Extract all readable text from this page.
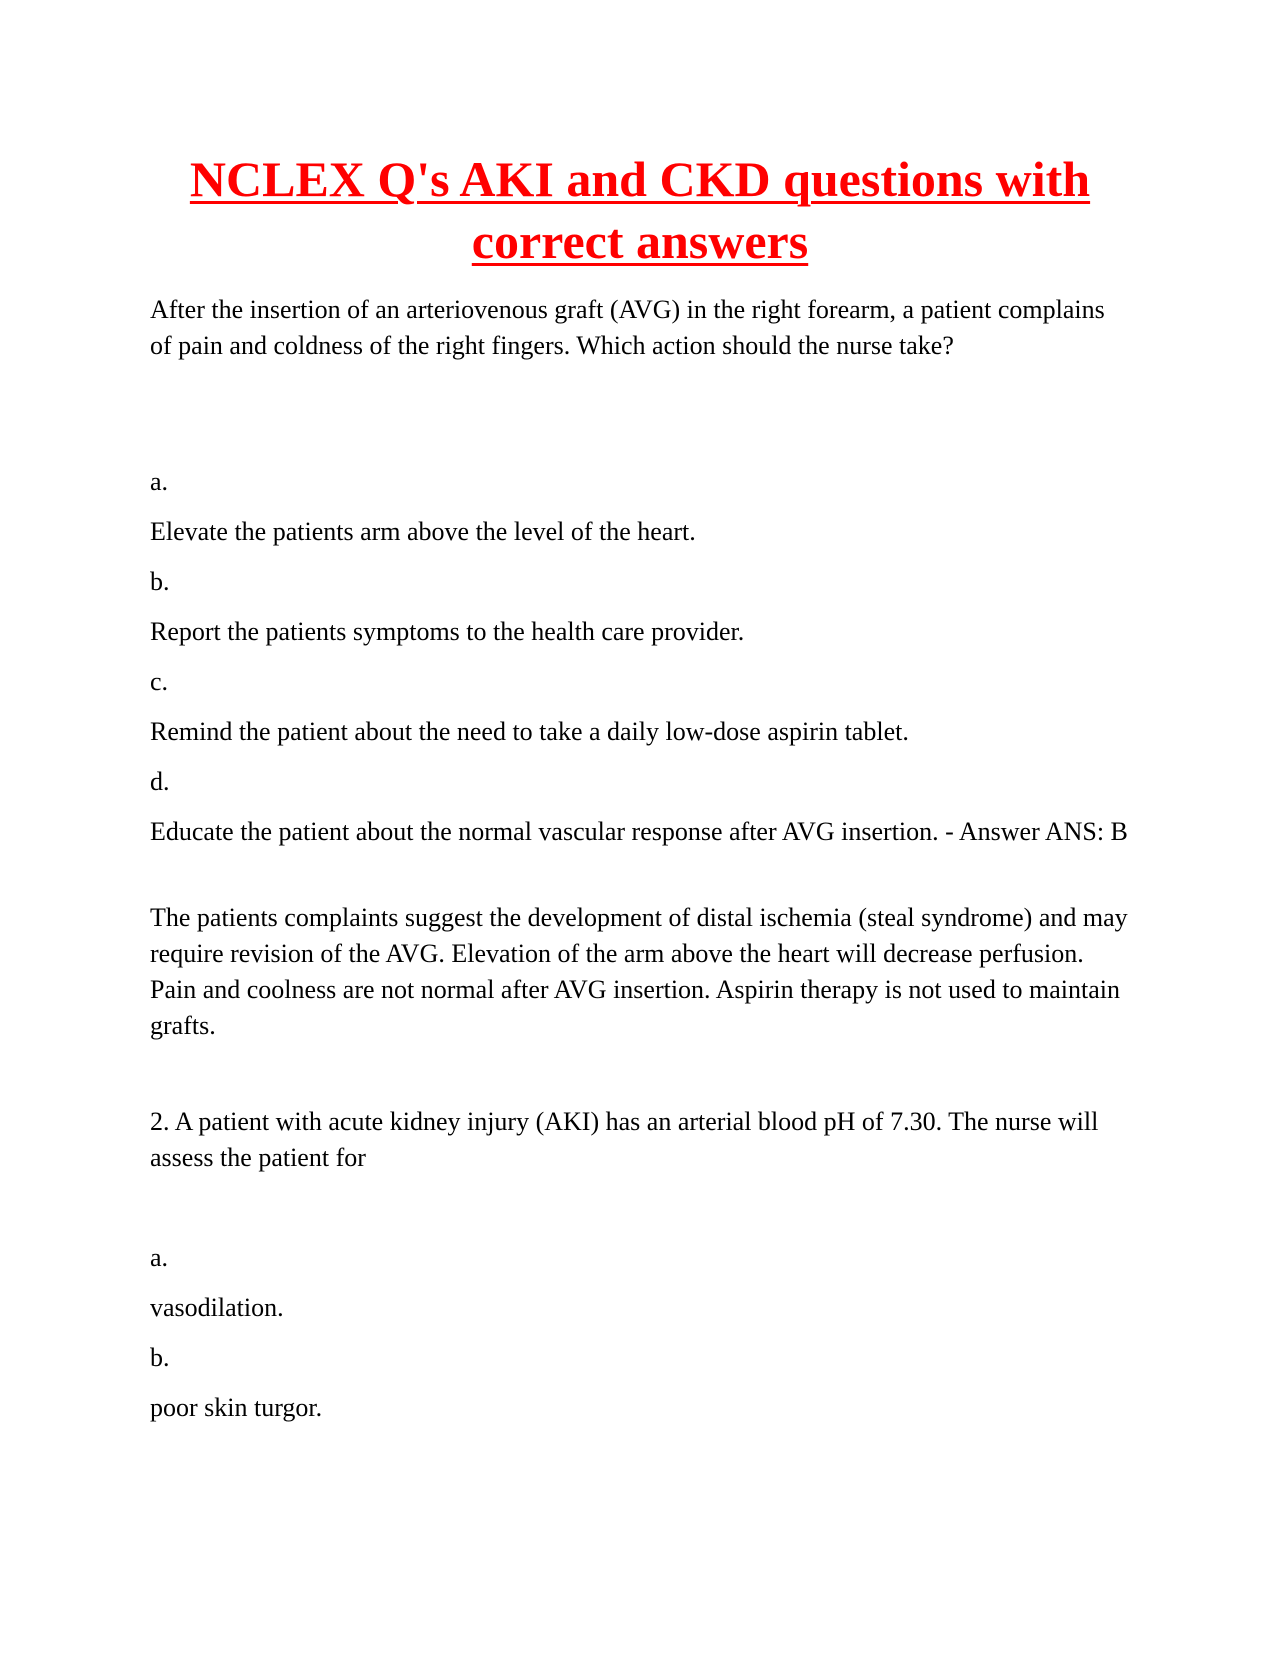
NCLEX Q's AKI and CKD questions with correct answers

After the insertion of an arteriovenous graft (AVG) in the right forearm, a patient complains of pain and coldness of the right fingers. Which action should the nurse take?

a.

Elevate the patients arm above the level of the heart.

b.

Report the patients symptoms to the health care provider.

c.

Remind the patient about the need to take a daily low-dose aspirin tablet.

d.

Educate the patient about the normal vascular response after AVG insertion. - Answer ANS: B

The patients complaints suggest the development of distal ischemia (steal syndrome) and may require revision of the AVG. Elevation of the arm above the heart will decrease perfusion. Pain and coolness are not normal after AVG insertion. Aspirin therapy is not used to maintain grafts.

2. A patient with acute kidney injury (AKI) has an arterial blood pH of 7.30. The nurse will assess the patient for

a.

vasodilation.

b.

poor skin turgor.
